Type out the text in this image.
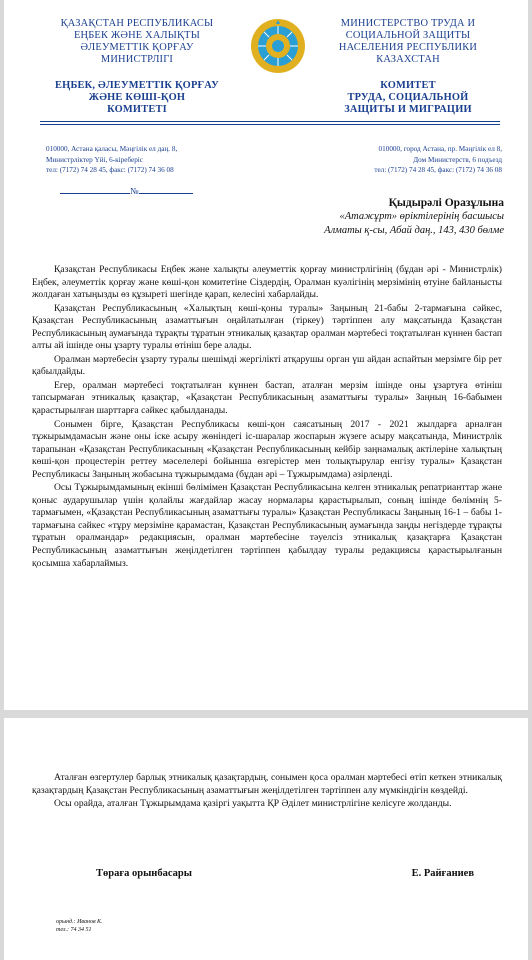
ҚАЗАҚСТАН РЕСПУБЛИКАСЫ
ЕҢБЕК ЖӘНЕ ХАЛЫҚТЫ
ӘЛЕУМЕТТІК ҚОРҒАУ
МИНИСТРЛІГІ
ЕҢБЕК, ӘЛЕУМЕТТІК ҚОРҒАУ
ЖӘНЕ КӨШІ-ҚОН
КОМИТЕТІ
МИНИСТЕРСТВО ТРУДА И
СОЦИАЛЬНОЙ ЗАЩИТЫ
НАСЕЛЕНИЯ РЕСПУБЛИКИ
КАЗАХСТАН
КОМИТЕТ
ТРУДА, СОЦИАЛЬНОЙ
ЗАЩИТЫ И МИГРАЦИИ
010000, Астана қаласы, Мәңгілік ел даң. 8,
Министрліктер Үйі, 6-кіреберіс
тел: (7172) 74 28 45, факс: (7172) 74 36 08
010000, город Астана, пр. Мәңгілік ел 8,
Дом Министерств, 6 подъезд
тел: (7172) 74 28 45, факс: (7172) 74 36 08
№
Қыдырәлі Оразұлына
«Атажұрт» өріктілерінің басшысы
Алматы қ-сы, Абай даң., 143, 430 бөлме

Қазақстан Республикасы Еңбек және халықты әлеуметтік қорғау министрлігінің (бұдан әрі - Министрлік) Еңбек, әлеуметтік қорғау және көші-қон комитетіне Сіздердің, Оралман куәлігінің мерзімінің өтуіне байланысты жолдаған хатыңызды өз құзыреті шегінде қарап, келесіні хабарлайды.

Қазақстан Республикасының «Халықтың көші-қоны туралы» Заңының 21-бабы 2-тармағына сәйкес, Қазақстан Республикасының азаматтығын оңайлатылған (тіркеу) тәртіппен алу мақсатында Қазақстан Республикасының аумағында тұрақты тұратын этникалық қазақтар оралман мәртебесі тоқтатылған күннен бастап алты ай ішінде оны ұзарту туралы өтініш бере алады.

Оралман мәртебесін ұзарту туралы шешімді жергілікті атқарушы орган үш айдан аспайтын мерзімге бір рет қабылдайды.

Егер, оралман мәртебесі тоқтатылған күннен бастап, аталған мерзім ішінде оны ұзартуға өтініш тапсырмаған этникалық қазақтар, «Қазақстан Республикасының азаматтығы туралы» Заңның 16-бабымен қарастырылған шарттарға сәйкес қабылданады.

Сонымен бірге, Қазақстан Республикасы көші-қон саясатының 2017 - 2021 жылдарға арналған тұжырымдамасын және оны іске асыру жөніндегі іс-шаралар жоспарын жүзеге асыру мақсатында, Министрлік тарапынан «Қазақстан Республикасының «Қазақстан Республикасының кейбір заңнамалық актілеріне халықтың көші-қон процестерін реттеу мәселелері бойынша өзгерістер мен толықтырулар енгізу туралы» Қазақстан Республикасы Заңының жобасына тұжырымдама (бұдан әрі – Тұжырымдама) әзірленді.

Осы Тұжырымдамының екінші бөлімімен Қазақстан Республикасына келген этникалық репатрианттар және қоныс аударушылар үшін қолайлы жағдайлар жасау нормалары қарастырылып, соның ішінде бөлімнің 5-тармағымен, «Қазақстан Республикасының азаматтығы туралы» Қазақстан Республикасы Заңының 16-1 – бабы 1-тармағына сәйкес «тұру мерзіміне қарамастан, Қазақстан Республикасының аумағында заңды негіздерде тұрақты тұратын оралмандар» редакциясын, оралман мәртебесіне тәуелсіз этникалық қазақтарға Қазақстан Республикасының азаматтығын жеңілдетілген тәртіппен қабылдау туралы редакциясы қарастырылғанын қосымша хабарлаймыз.

Аталған өзгертулер барлық этникалық қазақтардың, сонымен қоса оралман мәртебесі өтіп кеткен этникалық қазақтардың Қазақстан Республикасының азаматтығын жеңілдетілген тәртіппен алу мүмкіндігін көздейді.

Осы орайда, аталған Тұжырымдама қазіргі уақытта ҚР Әділет министрлігіне келісуге жолданды.

Төраға орынбасары	Е. Райғаниев
орынд.: Иванов К.
тел.: 74 34 51
